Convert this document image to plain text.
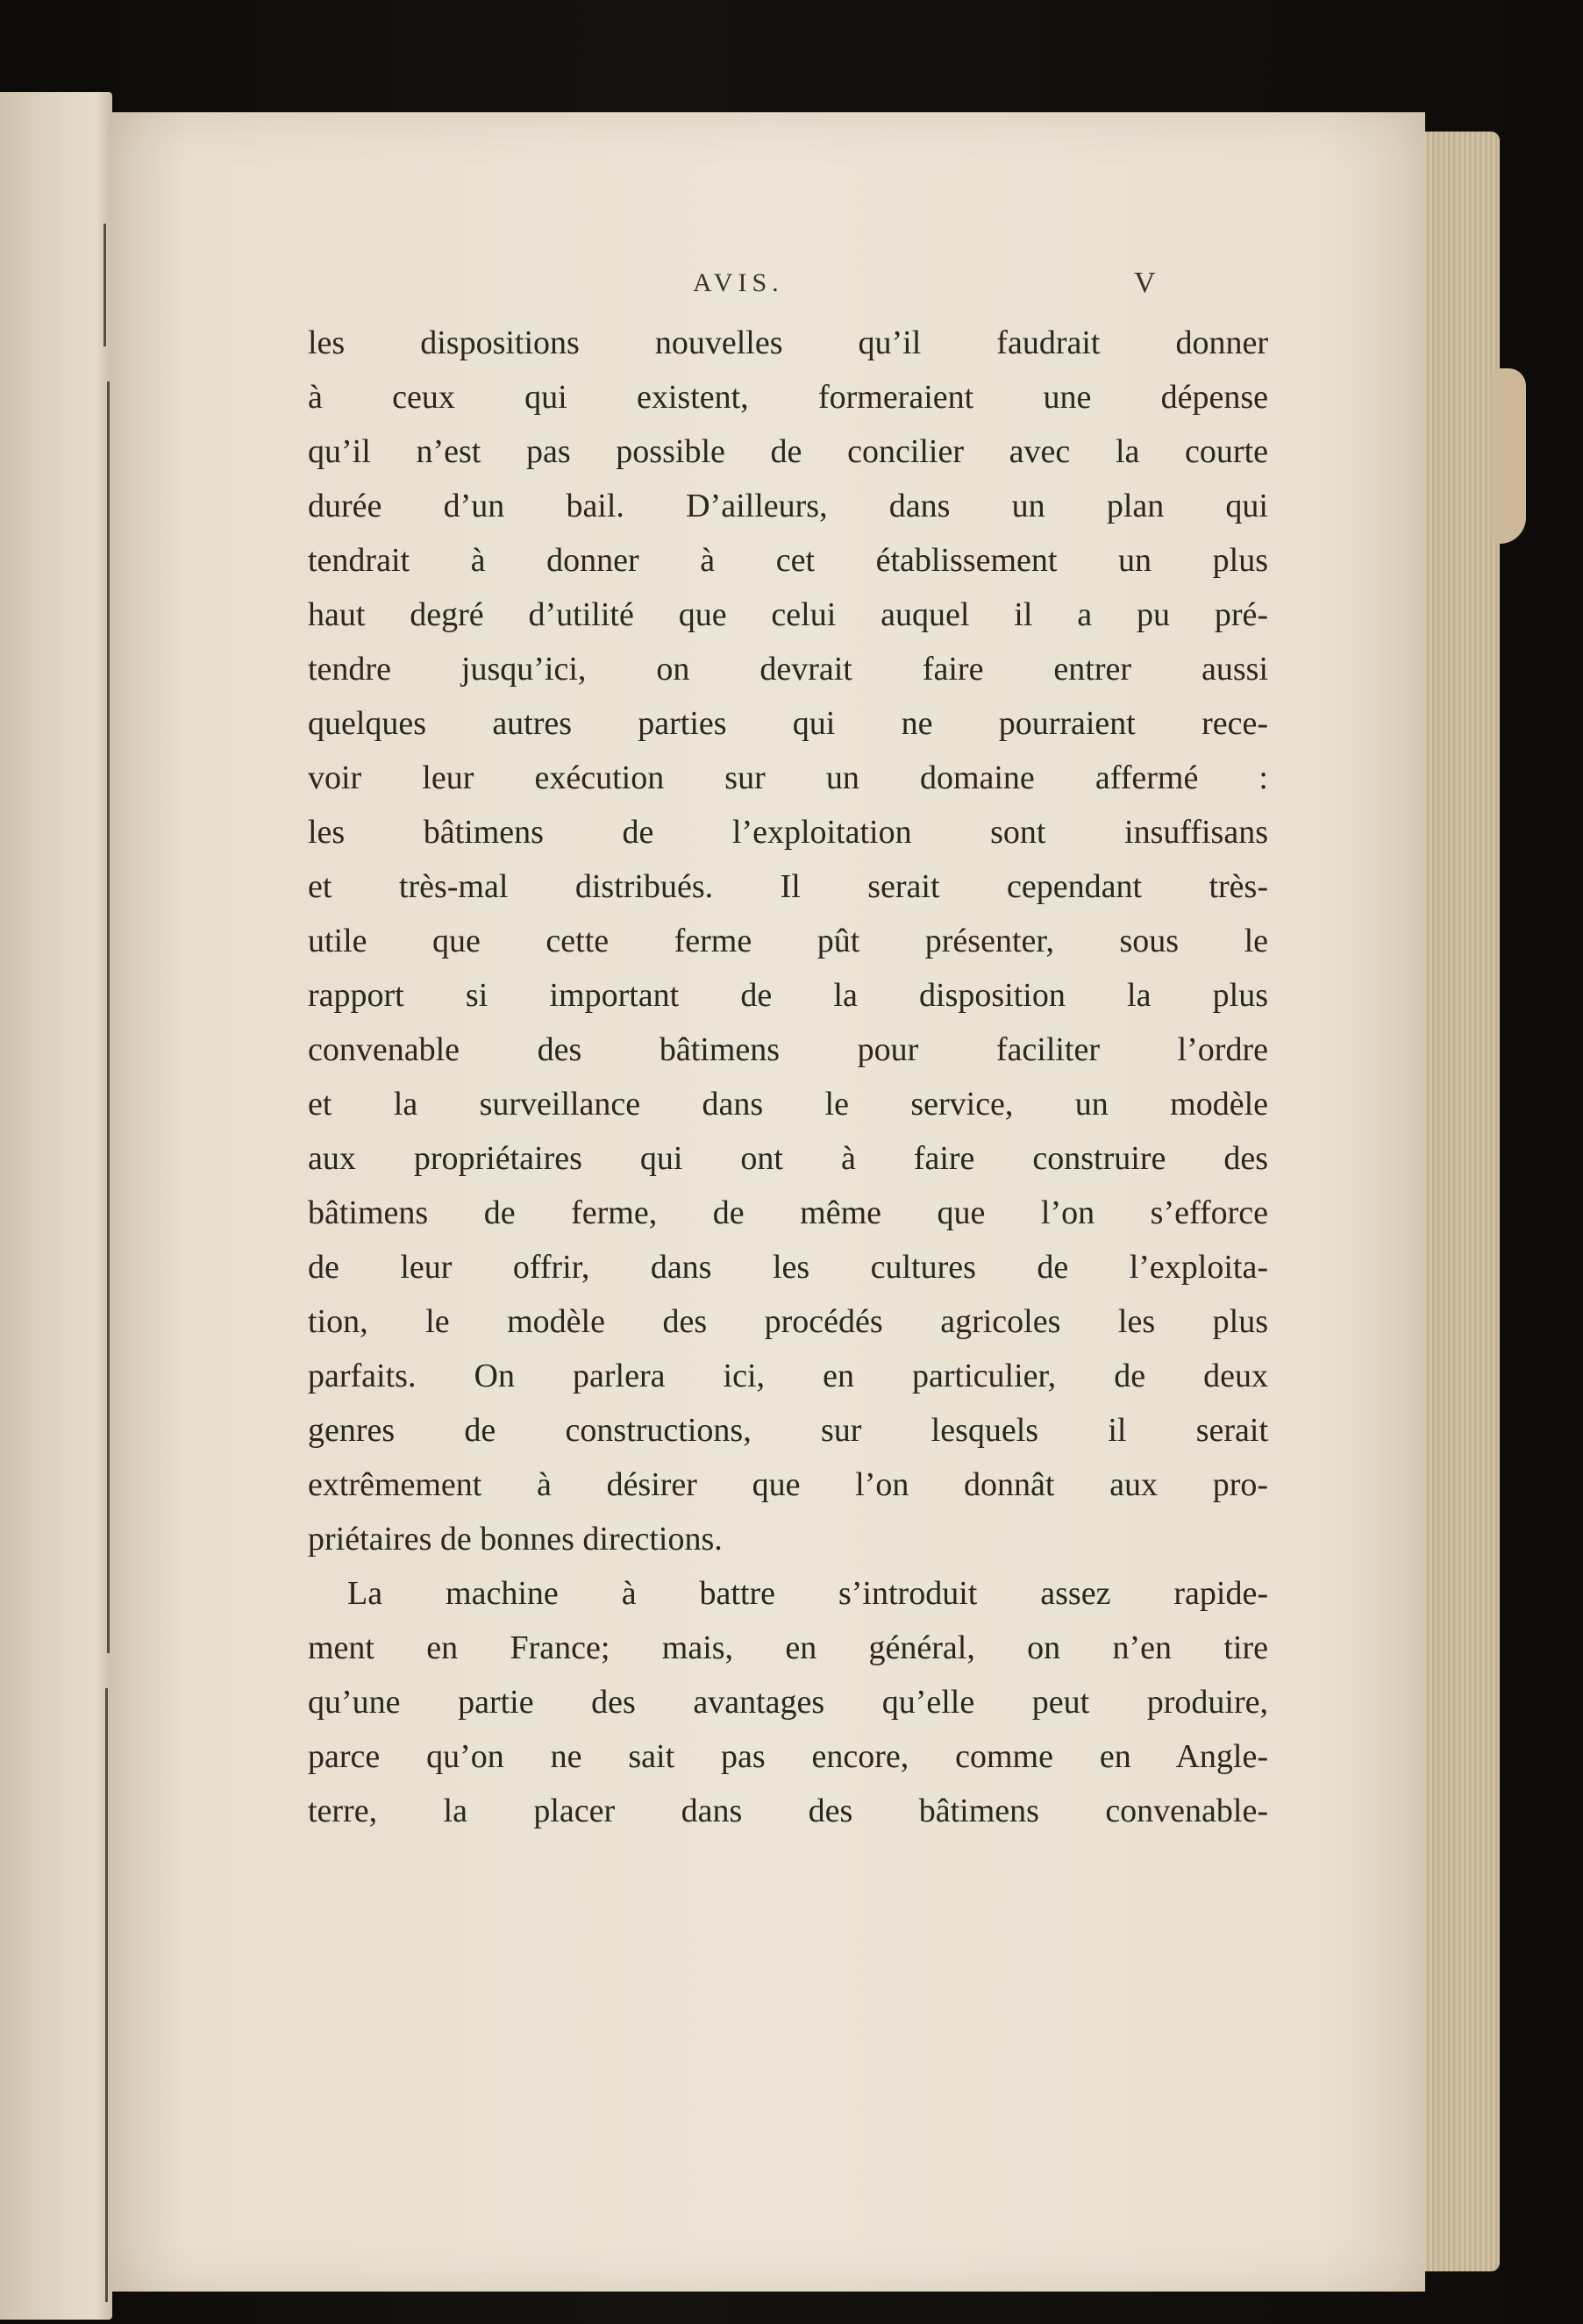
AVIS.	V
les dispositions nouvelles qu’il faudrait donner
à ceux qui existent, formeraient une dépense
qu’il n’est pas possible de concilier avec la courte
durée d’un bail. D’ailleurs, dans un plan qui
tendrait à donner à cet établissement un plus
haut degré d’utilité que celui auquel il a pu pré-
tendre jusqu’ici, on devrait faire entrer aussi
quelques autres parties qui ne pourraient rece-
voir leur exécution sur un domaine affermé :
les bâtimens de l’exploitation sont insuffisans
et très-mal distribués. Il serait cependant très-
utile que cette ferme pût présenter, sous le
rapport si important de la disposition la plus
convenable des bâtimens pour faciliter l’ordre
et la surveillance dans le service, un modèle
aux propriétaires qui ont à faire construire des
bâtimens de ferme, de même que l’on s’efforce
de leur offrir, dans les cultures de l’exploita-
tion, le modèle des procédés agricoles les plus
parfaits. On parlera ici, en particulier, de deux
genres de constructions, sur lesquels il serait
extrêmement à désirer que l’on donnât aux pro-
priétaires de bonnes directions.
La machine à battre s’introduit assez rapide-
ment en France; mais, en général, on n’en tire
qu’une partie des avantages qu’elle peut produire,
parce qu’on ne sait pas encore, comme en Angle-
terre, la placer dans des bâtimens convenable-
